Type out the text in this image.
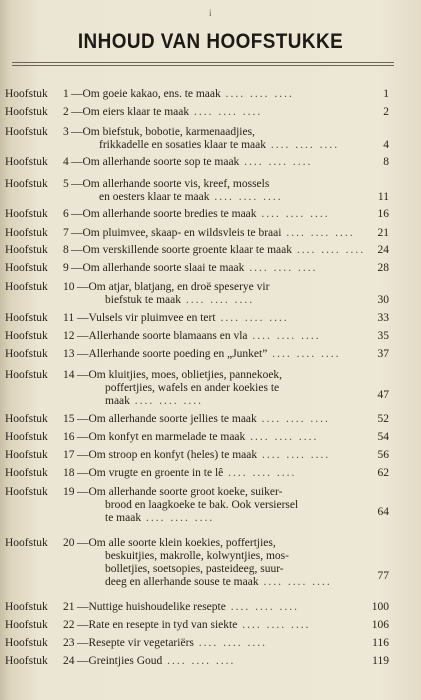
i
INHOUD VAN HOOFSTUKKE
Hoofstuk 1 —Om goeie kakao, ens. te maak .... .... ....	1
Hoofstuk 2 —Om eiers klaar te maak .... .... ....	2
Hoofstuk 3 —Om biefstuk, bobotie, karmenaadjies,
frikkadelle en sosaties klaar te maak .... .... ....	4
Hoofstuk 4 —Om allerhande soorte sop te maak .... .... ....	8
Hoofstuk 5 —Om allerhande soorte vis, kreef, mossels
en oesters klaar te maak .... .... ....	11
Hoofstuk 6 —Om allerhande soorte bredies te maak .... .... ....	16
Hoofstuk 7 —Om pluimvee, skaap- en wildsvleis te braai .... .... ....	21
Hoofstuk 8 —Om verskillende soorte groente klaar te maak .... .... ....	24
Hoofstuk 9 —Om allerhande soorte slaai te maak .... .... ....	28
Hoofstuk 10 —Om atjar, blatjang, en droë speserye vir
biefstuk te maak .... .... ....	30
Hoofstuk 11 —Vulsels vir pluimvee en tert .... .... ....	33
Hoofstuk 12 —Allerhande soorte blamaans en vla .... .... ....	35
Hoofstuk 13 —Allerhande soorte poeding en „Junket” .... .... ....	37
Hoofstuk 14 —Om kluitjies, moes, oblietjies, pannekoek,
poffertjies, wafels en ander koekies te
maak .... .... ....	47
Hoofstuk 15 —Om allerhande soorte jellies te maak .... .... ....	52
Hoofstuk 16 —Om konfyt en marmelade te maak .... .... ....	54
Hoofstuk 17 —Om stroop en konfyt (heles) te maak .... .... ....	56
Hoofstuk 18 —Om vrugte en groente in te lê .... .... ....	62
Hoofstuk 19 —Om allerhande soorte groot koeke, suiker-
brood en laagkoeke te bak. Ook versiersel
te maak .... .... ....	64
Hoofstuk 20 —Om alle soorte klein koekies, poffertjies,
beskuitjies, makrolle, kolwyntjies, mos-
bolletjies, soetsopies, pasteideeg, suur-
deeg en allerhande souse te maak .... .... ....	77
Hoofstuk 21 —Nuttige huishoudelike resepte .... .... ....	100
Hoofstuk 22 —Rate en resepte in tyd van siekte .... .... ....	106
Hoofstuk 23 —Resepte vir vegetariërs .... .... ....	116
Hoofstuk 24 —Greintjies Goud .... .... ....	119
